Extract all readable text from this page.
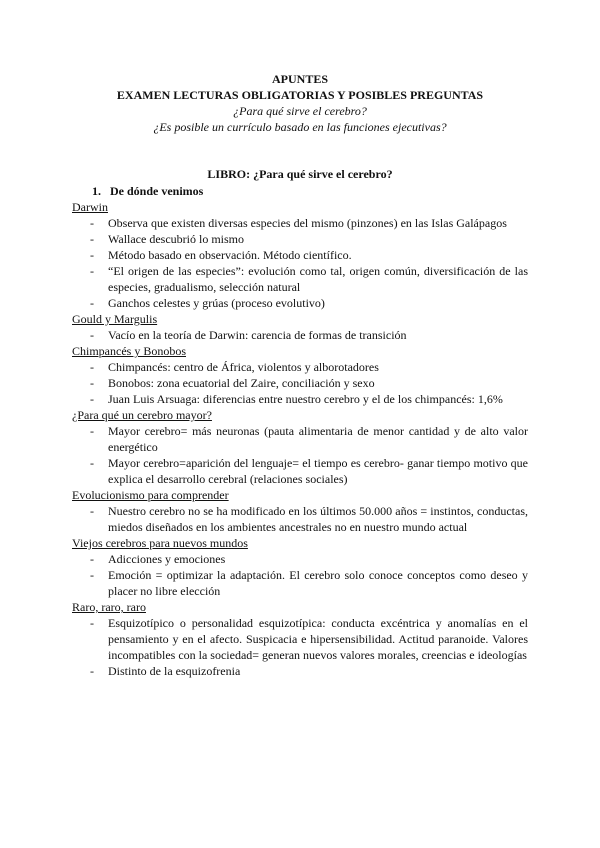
APUNTES
EXAMEN LECTURAS OBLIGATORIAS Y POSIBLES PREGUNTAS
¿Para qué sirve el cerebro?
¿Es posible un currículo basado en las funciones ejecutivas?
LIBRO: ¿Para qué sirve el cerebro?
1. De dónde venimos
Darwin
- Observa que existen diversas especies del mismo (pinzones) en las Islas Galápagos
- Wallace descubrió lo mismo
- Método basado en observación. Método científico.
- “El origen de las especies”: evolución como tal, origen común, diversificación de las especies, gradualismo, selección natural
- Ganchos celestes y grúas (proceso evolutivo)
Gould y Margulis
- Vacío en la teoría de Darwin: carencia de formas de transición
Chimpancés y Bonobos
- Chimpancés: centro de África, violentos y alborotadores
- Bonobos: zona ecuatorial del Zaire, conciliación y sexo
- Juan Luis Arsuaga: diferencias entre nuestro cerebro y el de los chimpancés: 1,6%
¿Para qué un cerebro mayor?
- Mayor cerebro= más neuronas (pauta alimentaria de menor cantidad y de alto valor energético
- Mayor cerebro=aparición del lenguaje= el tiempo es cerebro- ganar tiempo motivo que explica el desarrollo cerebral (relaciones sociales)
Evolucionismo para comprender
- Nuestro cerebro no se ha modificado en los últimos 50.000 años = instintos, conductas, miedos diseñados en los ambientes ancestrales no en nuestro mundo actual
Viejos cerebros para nuevos mundos
- Adicciones y emociones
- Emoción = optimizar la adaptación. El cerebro solo conoce conceptos como deseo y placer no libre elección
Raro, raro, raro
- Esquizotípico o personalidad esquizotípica: conducta excéntrica y anomalías en el pensamiento y en el afecto. Suspicacia e hipersensibilidad. Actitud paranoide. Valores incompatibles con la sociedad= generan nuevos valores morales, creencias e ideologías
- Distinto de la esquizofrenia
